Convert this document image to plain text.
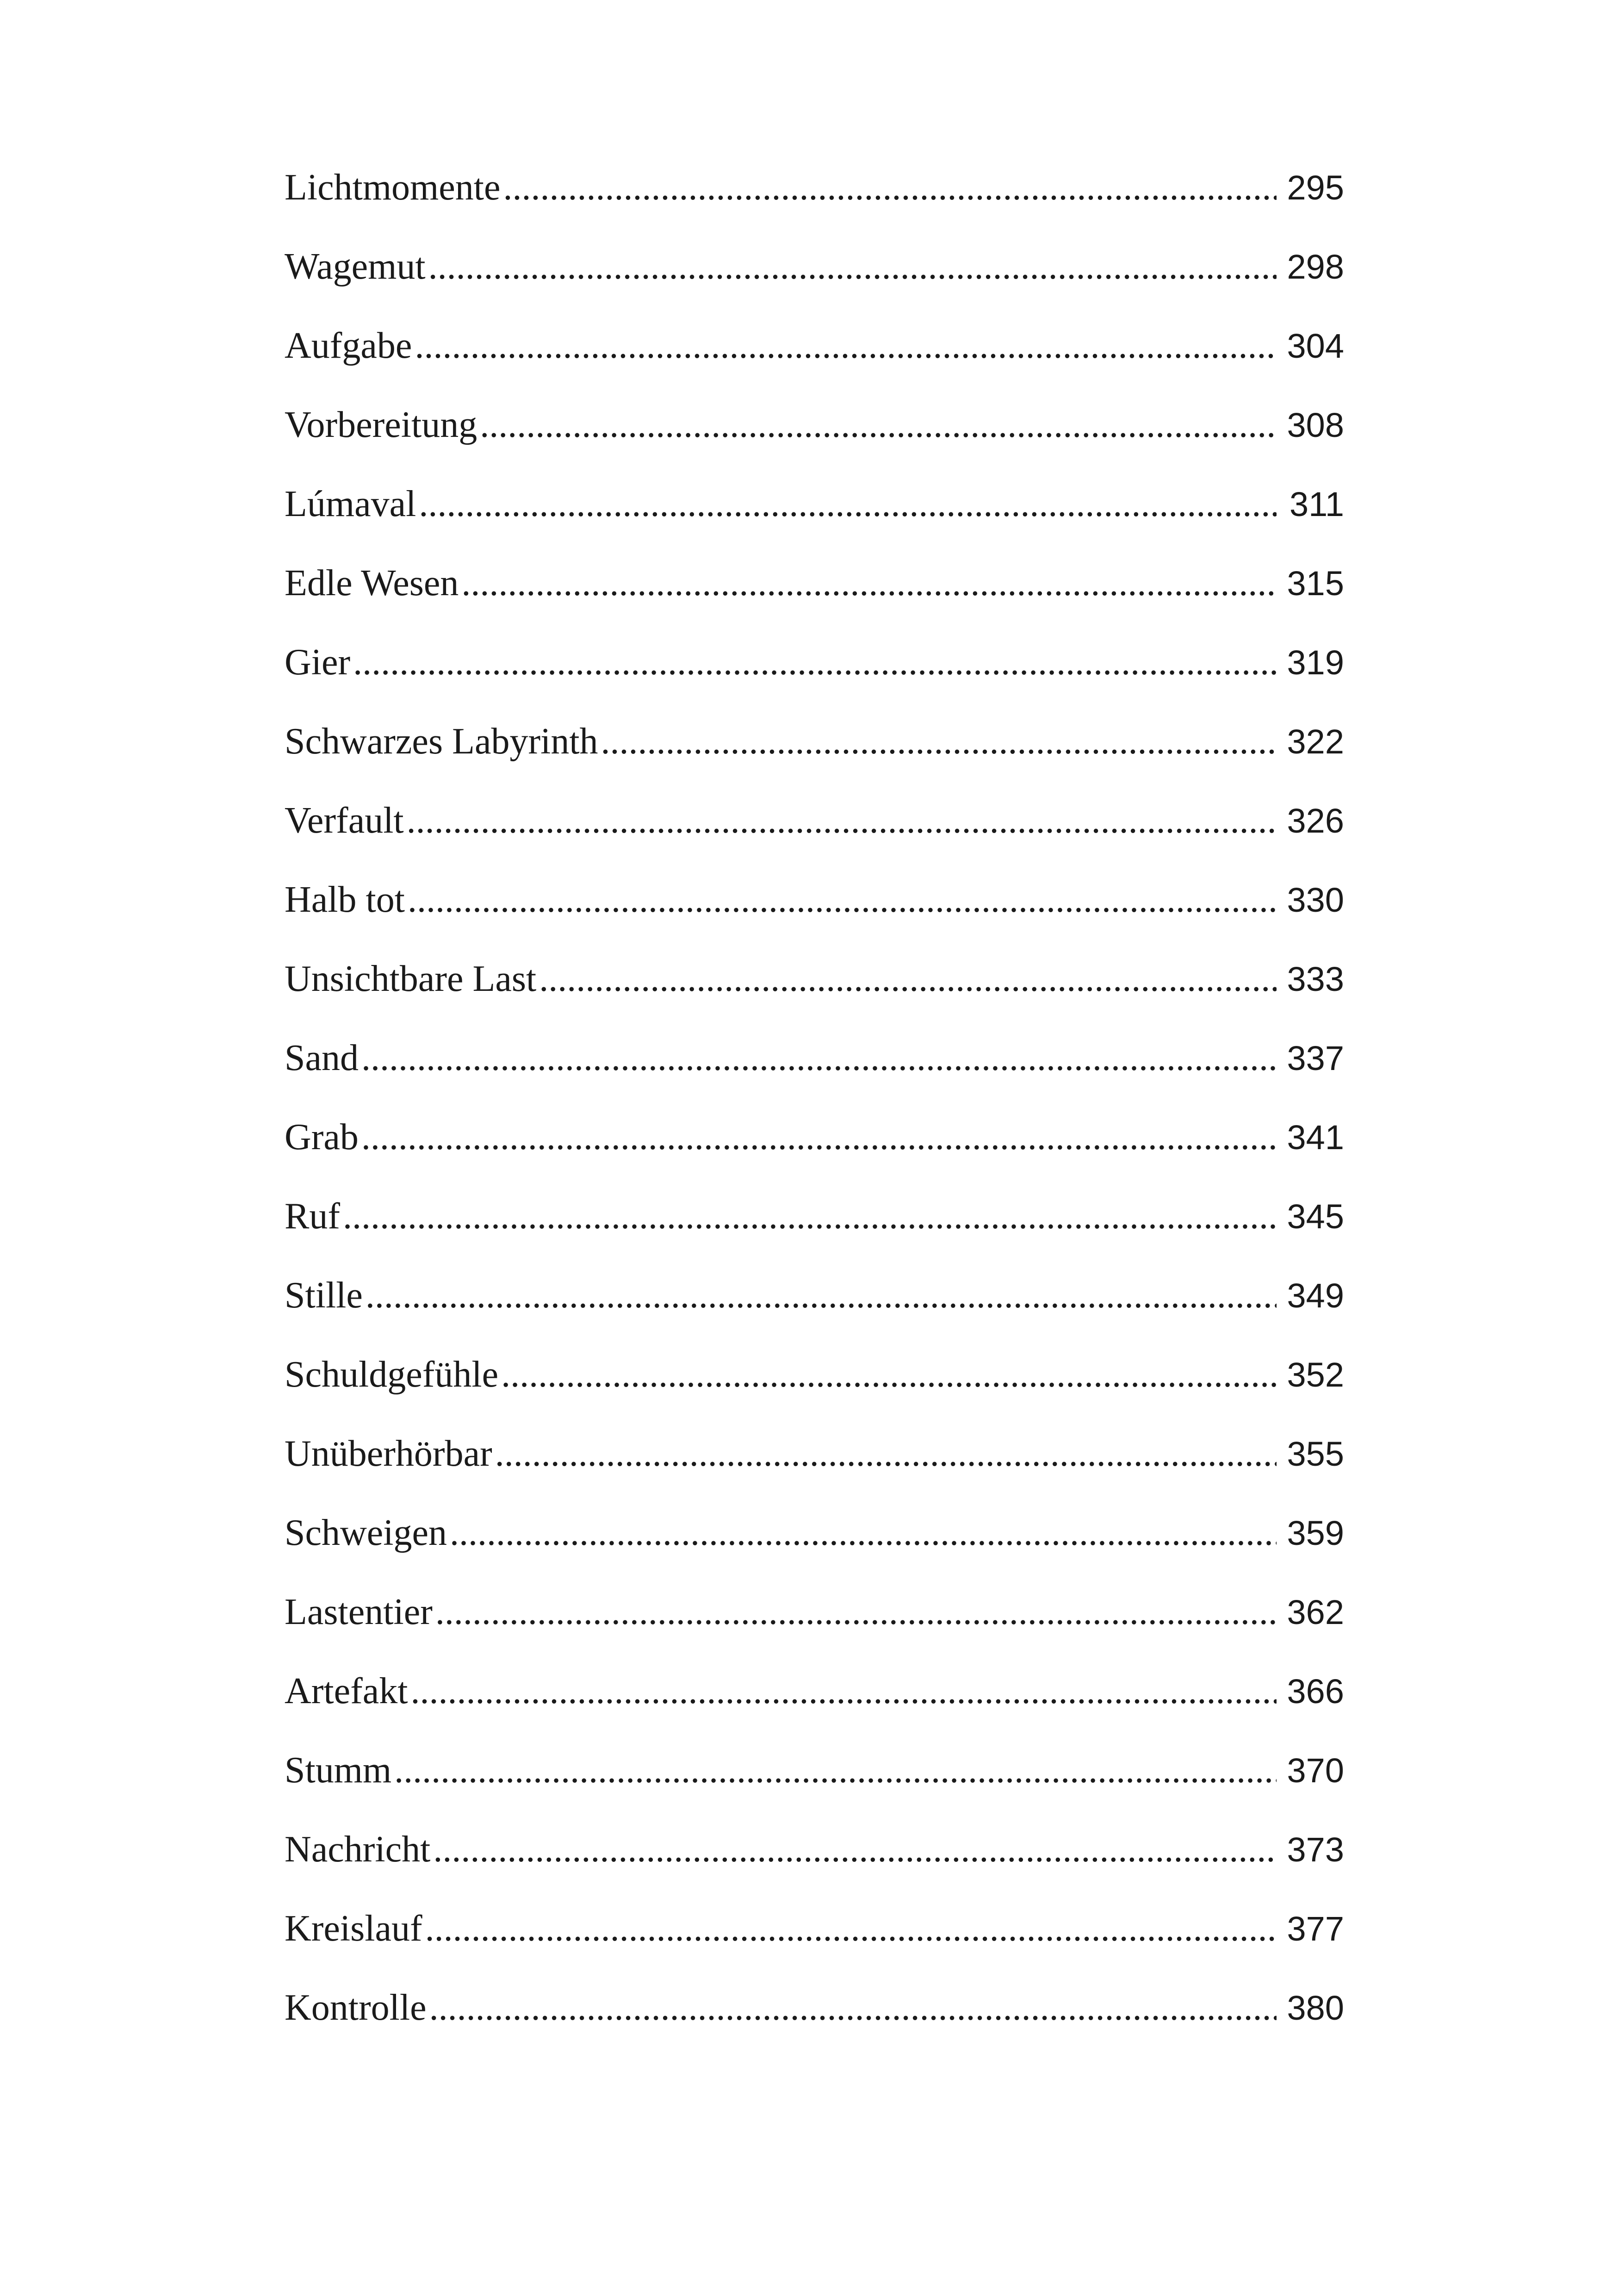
Lichtmomente .....	295
Wagemut .....	298
Aufgabe .....	304
Vorbereitung .....	308
Lúmaval .....	311
Edle Wesen .....	315
Gier .....	319
Schwarzes Labyrinth .....	322
Verfault .....	326
Halb tot .....	330
Unsichtbare Last .....	333
Sand .....	337
Grab .....	341
Ruf .....	345
Stille .....	349
Schuldgefühle .....	352
Unüberhörbar .....	355
Schweigen .....	359
Lastentier .....	362
Artefakt .....	366
Stumm .....	370
Nachricht .....	373
Kreislauf .....	377
Kontrolle .....	380
